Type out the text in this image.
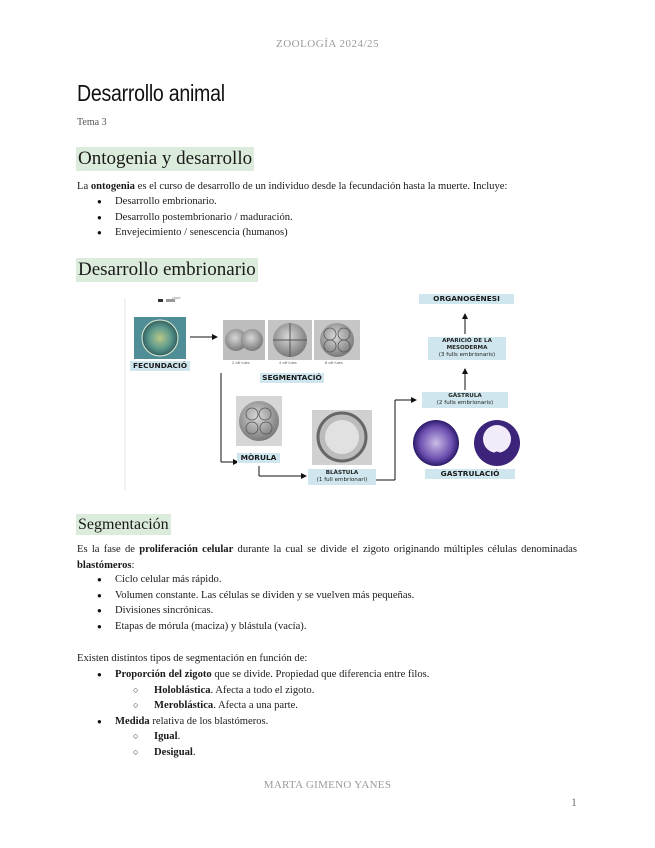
ZOOLOGÍA 2024/25
Desarrollo animal
Tema 3
Ontogenia y desarrollo

La ontogenia es el curso de desarrollo de un individuo desde la fecundación hasta la muerte. Incluye:

● Desarrollo embrionario.
● Desarrollo postembrionario / maduración.
● Envejecimiento / senescencia (humanos)
Desarrollo embrionario
2 cèl·lules	4 cèl·lules	8 cèl·lules
zigot
FECUNDACIÓ
SEGMENTACIÓ
MÒRULA
BLÀSTULA
(1 full embrionari)
GÀSTRULA
(2 fulls embrionaris)
APARICIÓ DE LA
MESODERMA
(3 fulls embrionaris)
ORGANOGÈNESI
GASTRULACIÓ
Segmentación

Es la fase de proliferación celular durante la cual se divide el zigoto originando múltiples células denominadas blastómeros:

● Ciclo celular más rápido.
● Volumen constante. Las células se dividen y se vuelven más pequeñas.
● Divisiones sincrónicas.
● Etapas de mórula (maciza) y blástula (vacía).

Existen distintos tipos de segmentación en función de:

● Proporción del zigoto que se divide. Propiedad que diferencia entre filos.
○ Holoblástica. Afecta a todo el zigoto.
○ Meroblástica. Afecta a una parte.
● Medida relativa de los blastómeros.
○ Igual.
○ Desigual.
MARTA GIMENO YANES
1
